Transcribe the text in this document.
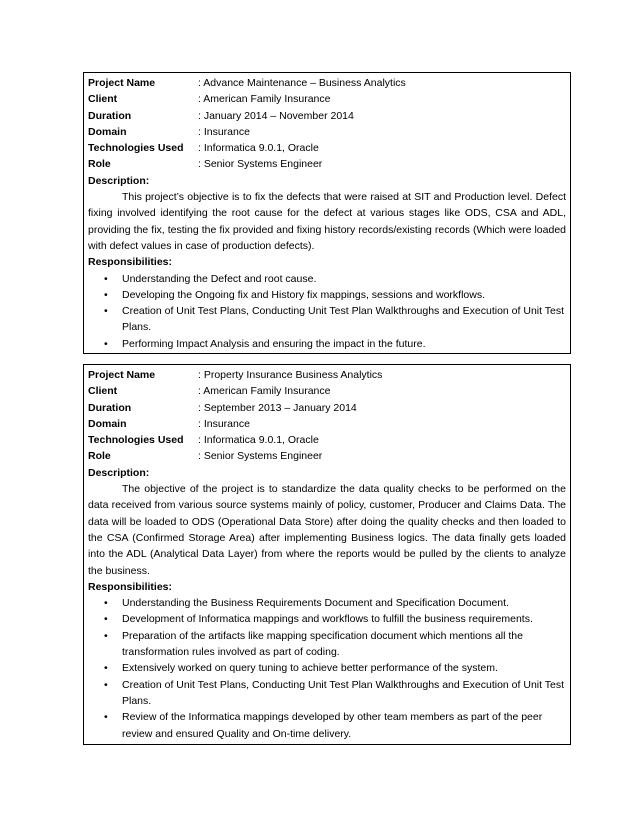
Project Name	: Advance Maintenance – Business Analytics
Client	: American Family Insurance
Duration	: January 2014 – November 2014
Domain	: Insurance
Technologies Used	: Informatica 9.0.1, Oracle
Role	: Senior Systems Engineer
Description:
This project’s objective is to fix the defects that were raised at SIT and Production level. Defect fixing involved identifying the root cause for the defect at various stages like ODS, CSA and ADL, providing the fix, testing the fix provided and fixing history records/existing records (Which were loaded with defect values in case of production defects).
Responsibilities:
• Understanding the Defect and root cause.
• Developing the Ongoing fix and History fix mappings, sessions and workflows.
• Creation of Unit Test Plans, Conducting Unit Test Plan Walkthroughs and Execution of Unit Test Plans.
• Performing Impact Analysis and ensuring the impact in the future.
Project Name	: Property Insurance Business Analytics
Client	: American Family Insurance
Duration	: September 2013 – January 2014
Domain	: Insurance
Technologies Used	: Informatica 9.0.1, Oracle
Role	: Senior Systems Engineer
Description:
The objective of the project is to standardize the data quality checks to be performed on the data received from various source systems mainly of policy, customer, Producer and Claims Data. The data will be loaded to ODS (Operational Data Store) after doing the quality checks and then loaded to the CSA (Confirmed Storage Area) after implementing Business logics. The data finally gets loaded into the ADL (Analytical Data Layer) from where the reports would be pulled by the clients to analyze the business.
Responsibilities:
• Understanding the Business Requirements Document and Specification Document.
• Development of Informatica mappings and workflows to fulfill the business requirements.
• Preparation of the artifacts like mapping specification document which mentions all the transformation rules involved as part of coding.
• Extensively worked on query tuning to achieve better performance of the system.
• Creation of Unit Test Plans, Conducting Unit Test Plan Walkthroughs and Execution of Unit Test Plans.
• Review of the Informatica mappings developed by other team members as part of the peer review and ensured Quality and On-time delivery.
